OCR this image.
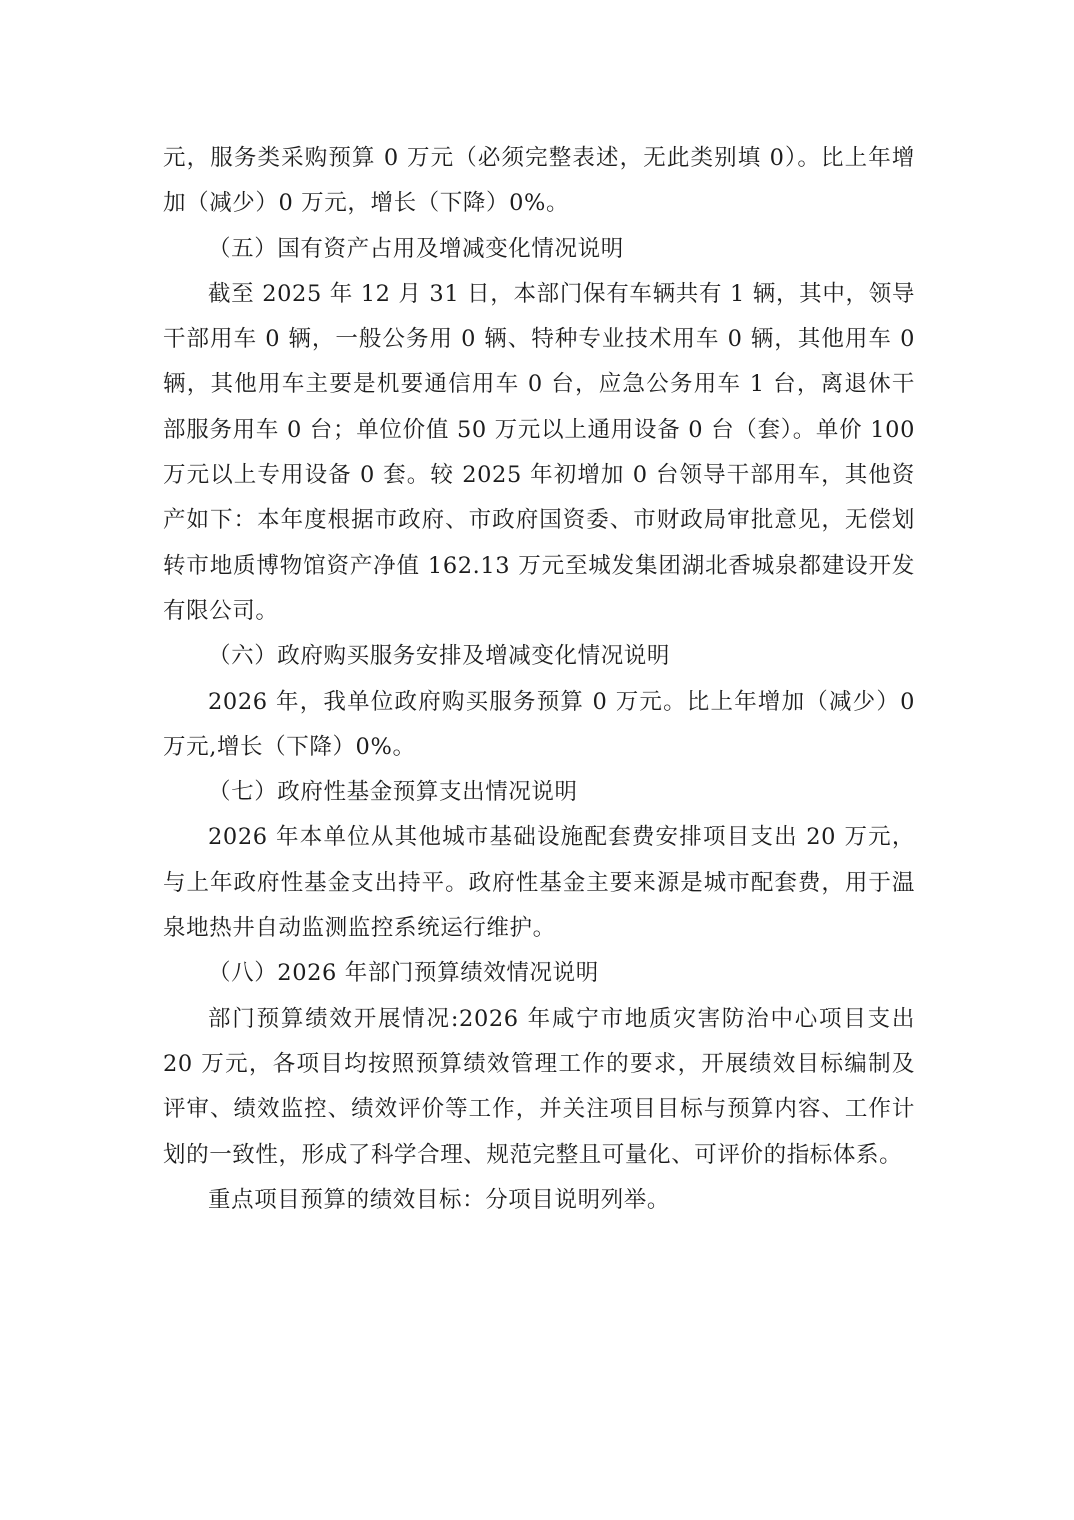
元，服务类采购预算 0 万元（必须完整表述，无此类别填 0）。比上年增加（减少）0 万元，增长（下降）0%。

（五）国有资产占用及增减变化情况说明

截至 2025 年 12 月 31 日，本部门保有车辆共有 1 辆，其中，领导干部用车 0 辆，一般公务用 0 辆、特种专业技术用车 0 辆，其他用车 0 辆，其他用车主要是机要通信用车 0 台，应急公务用车 1 台，离退休干部服务用车 0 台；单位价值 50 万元以上通用设备 0 台（套）。单价 100 万元以上专用设备 0 套。较 2025 年初增加 0 台领导干部用车，其他资产如下：本年度根据市政府、市政府国资委、市财政局审批意见，无偿划转市地质博物馆资产净值 162.13 万元至城发集团湖北香城泉都建设开发有限公司。

（六）政府购买服务安排及增减变化情况说明

2026 年，我单位政府购买服务预算 0 万元。比上年增加（减少）0 万元,增长（下降）0%。

（七）政府性基金预算支出情况说明

2026 年本单位从其他城市基础设施配套费安排项目支出 20 万元，与上年政府性基金支出持平。政府性基金主要来源是城市配套费，用于温泉地热井自动监测监控系统运行维护。

（八）2026 年部门预算绩效情况说明

部门预算绩效开展情况:2026 年咸宁市地质灾害防治中心项目支出 20 万元，各项目均按照预算绩效管理工作的要求，开展绩效目标编制及评审、绩效监控、绩效评价等工作，并关注项目目标与预算内容、工作计划的一致性，形成了科学合理、规范完整且可量化、可评价的指标体系。

重点项目预算的绩效目标：分项目说明列举。
